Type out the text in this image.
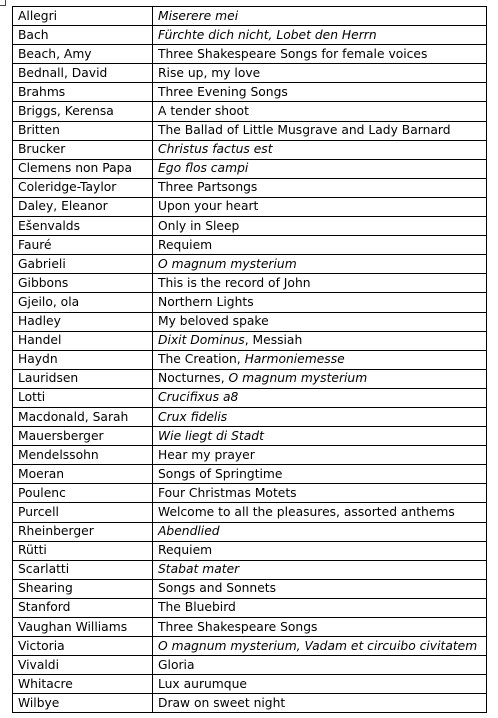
Allegri	Miserere mei
Bach	Fürchte dich nicht, Lobet den Herrn
Beach, Amy	Three Shakespeare Songs for female voices
Bednall, David	Rise up, my love
Brahms	Three Evening Songs
Briggs, Kerensa	A tender shoot
Britten	The Ballad of Little Musgrave and Lady Barnard
Brucker	Christus factus est
Clemens non Papa	Ego flos campi
Coleridge-Taylor	Three Partsongs
Daley, Eleanor	Upon your heart
Ešenvalds	Only in Sleep
Fauré	Requiem
Gabrieli	O magnum mysterium
Gibbons	This is the record of John
Gjeilo, ola	Northern Lights
Hadley	My beloved spake
Handel	Dixit Dominus, Messiah
Haydn	The Creation, Harmoniemesse
Lauridsen	Nocturnes, O magnum mysterium
Lotti	Crucifixus a8
Macdonald, Sarah	Crux fidelis
Mauersberger	Wie liegt di Stadt
Mendelssohn	Hear my prayer
Moeran	Songs of Springtime
Poulenc	Four Christmas Motets
Purcell	Welcome to all the pleasures, assorted anthems
Rheinberger	Abendlied
Rütti	Requiem
Scarlatti	Stabat mater
Shearing	Songs and Sonnets
Stanford	The Bluebird
Vaughan Williams	Three Shakespeare Songs
Victoria	O magnum mysterium, Vadam et circuibo civitatem
Vivaldi	Gloria
Whitacre	Lux aurumque
Wilbye	Draw on sweet night
